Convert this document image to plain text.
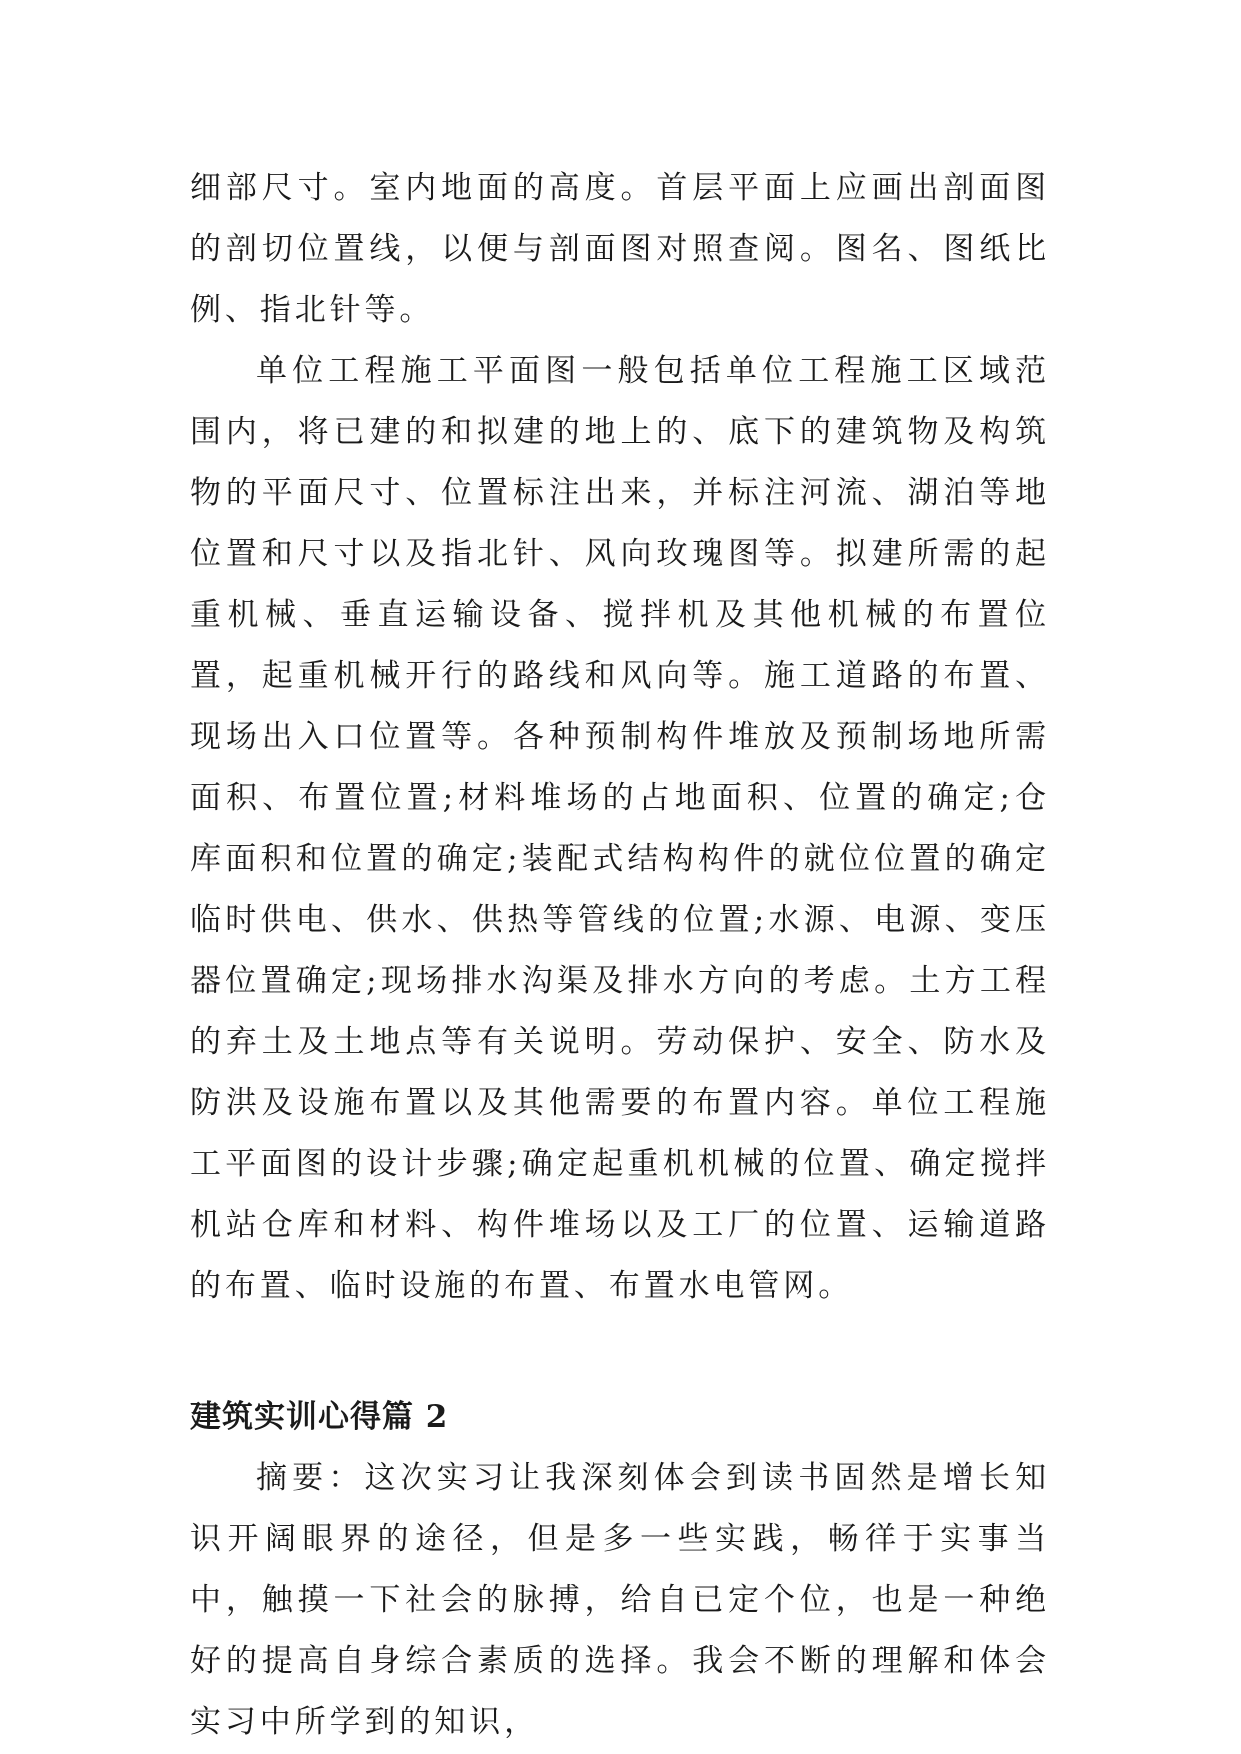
细部尺寸。室内地面的高度。首层平面上应画出剖面图的剖切位置线，以便与剖面图对照查阅。图名、图纸比例、指北针等。

单位工程施工平面图一般包括单位工程施工区域范围内，将已建的和拟建的地上的、底下的建筑物及构筑物的平面尺寸、位置标注出来，并标注河流、湖泊等地位置和尺寸以及指北针、风向玫瑰图等。拟建所需的起重机械、垂直运输设备、搅拌机及其他机械的布置位置，起重机械开行的路线和风向等。施工道路的布置、现场出入口位置等。各种预制构件堆放及预制场地所需面积、布置位置;材料堆场的占地面积、位置的确定;仓库面积和位置的确定;装配式结构构件的就位位置的确定临时供电、供水、供热等管线的位置;水源、电源、变压器位置确定;现场排水沟渠及排水方向的考虑。土方工程的弃土及土地点等有关说明。劳动保护、安全、防水及防洪及设施布置以及其他需要的布置内容。单位工程施工平面图的设计步骤;确定起重机机械的位置、确定搅拌机站仓库和材料、构件堆场以及工厂的位置、运输道路的布置、临时设施的布置、布置水电管网。

建筑实训心得篇 2

摘要：这次实习让我深刻体会到读书固然是增长知识开阔眼界的途径，但是多一些实践，畅徉于实事当中，触摸一下社会的脉搏，给自已定个位，也是一种绝好的提高自身综合素质的选择。我会不断的理解和体会实习中所学到的知识，
